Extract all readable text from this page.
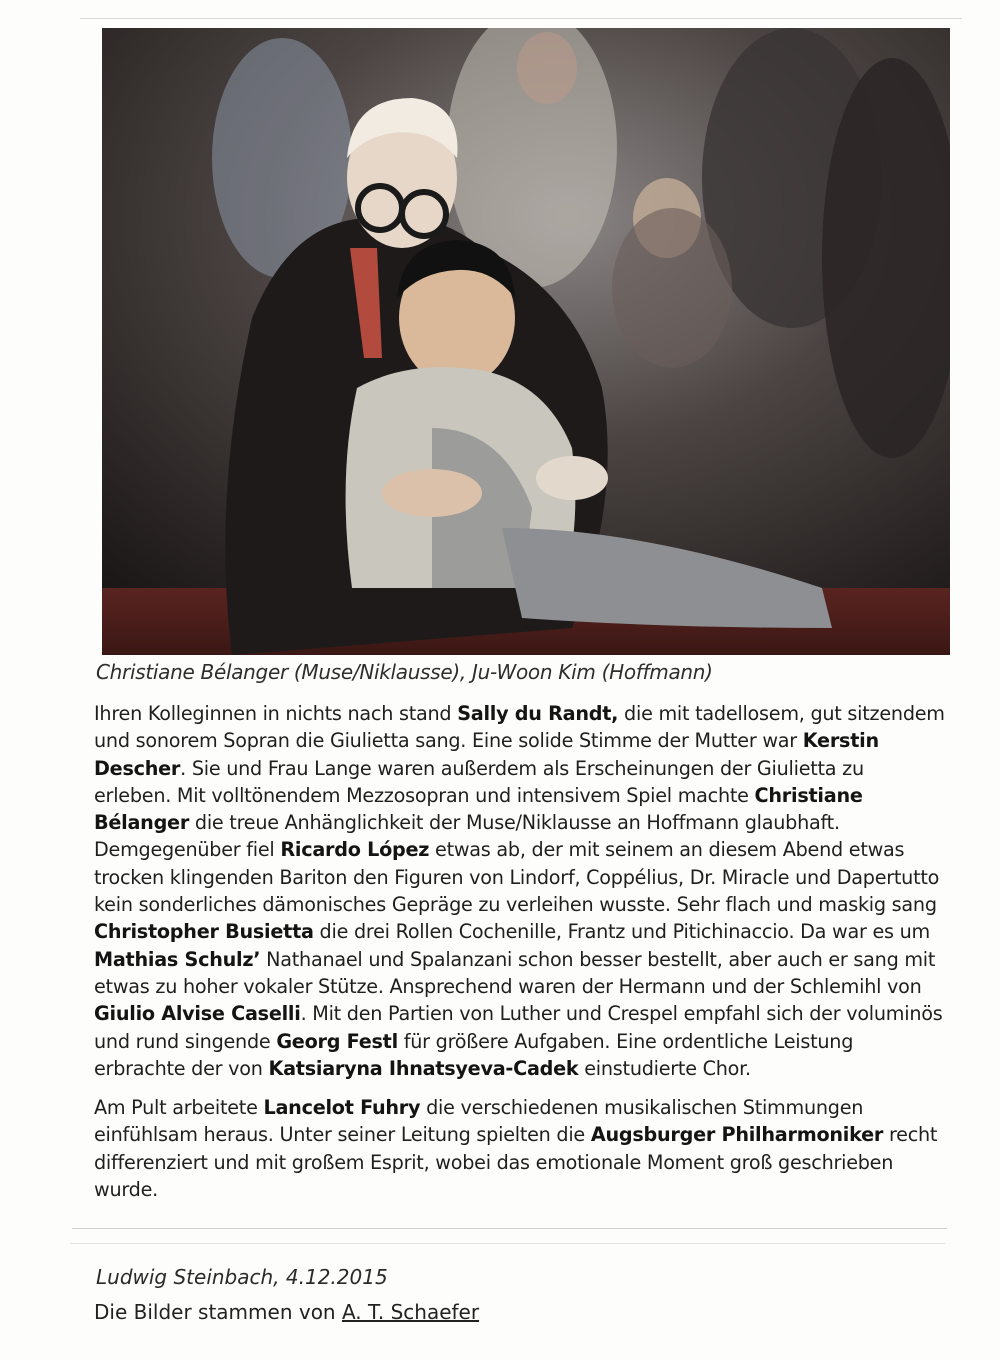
Christiane Bélanger (Muse/Niklausse), Ju-Woon Kim (Hoffmann)

Ihren Kolleginnen in nichts nach stand Sally du Randt, die mit tadellosem, gut sitzendem und sonorem Sopran die Giulietta sang. Eine solide Stimme der Mutter war Kerstin Descher. Sie und Frau Lange waren außerdem als Erscheinungen der Giulietta zu erleben. Mit volltönendem Mezzosopran und intensivem Spiel machte Christiane Bélanger die treue Anhänglichkeit der Muse/Niklausse an Hoffmann glaubhaft. Demgegenüber fiel Ricardo López etwas ab, der mit seinem an diesem Abend etwas trocken klingenden Bariton den Figuren von Lindorf, Coppélius, Dr. Miracle und Dapertutto kein sonderliches dämonisches Gepräge zu verleihen wusste. Sehr flach und maskig sang Christopher Busietta die drei Rollen Cochenille, Frantz und Pitichinaccio. Da war es um Mathias Schulz’ Nathanael und Spalanzani schon besser bestellt, aber auch er sang mit etwas zu hoher vokaler Stütze. Ansprechend waren der Hermann und der Schlemihl von Giulio Alvise Caselli. Mit den Partien von Luther und Crespel empfahl sich der voluminös und rund singende Georg Festl für größere Aufgaben. Eine ordentliche Leistung erbrachte der von Katsiaryna Ihnatsyeva-Cadek einstudierte Chor.

Am Pult arbeitete Lancelot Fuhry die verschiedenen musikalischen Stimmungen einfühlsam heraus. Unter seiner Leitung spielten die Augsburger Philharmoniker recht differenziert und mit großem Esprit, wobei das emotionale Moment groß geschrieben wurde.

Ludwig Steinbach, 4.12.2015
Die Bilder stammen von A. T. Schaefer
